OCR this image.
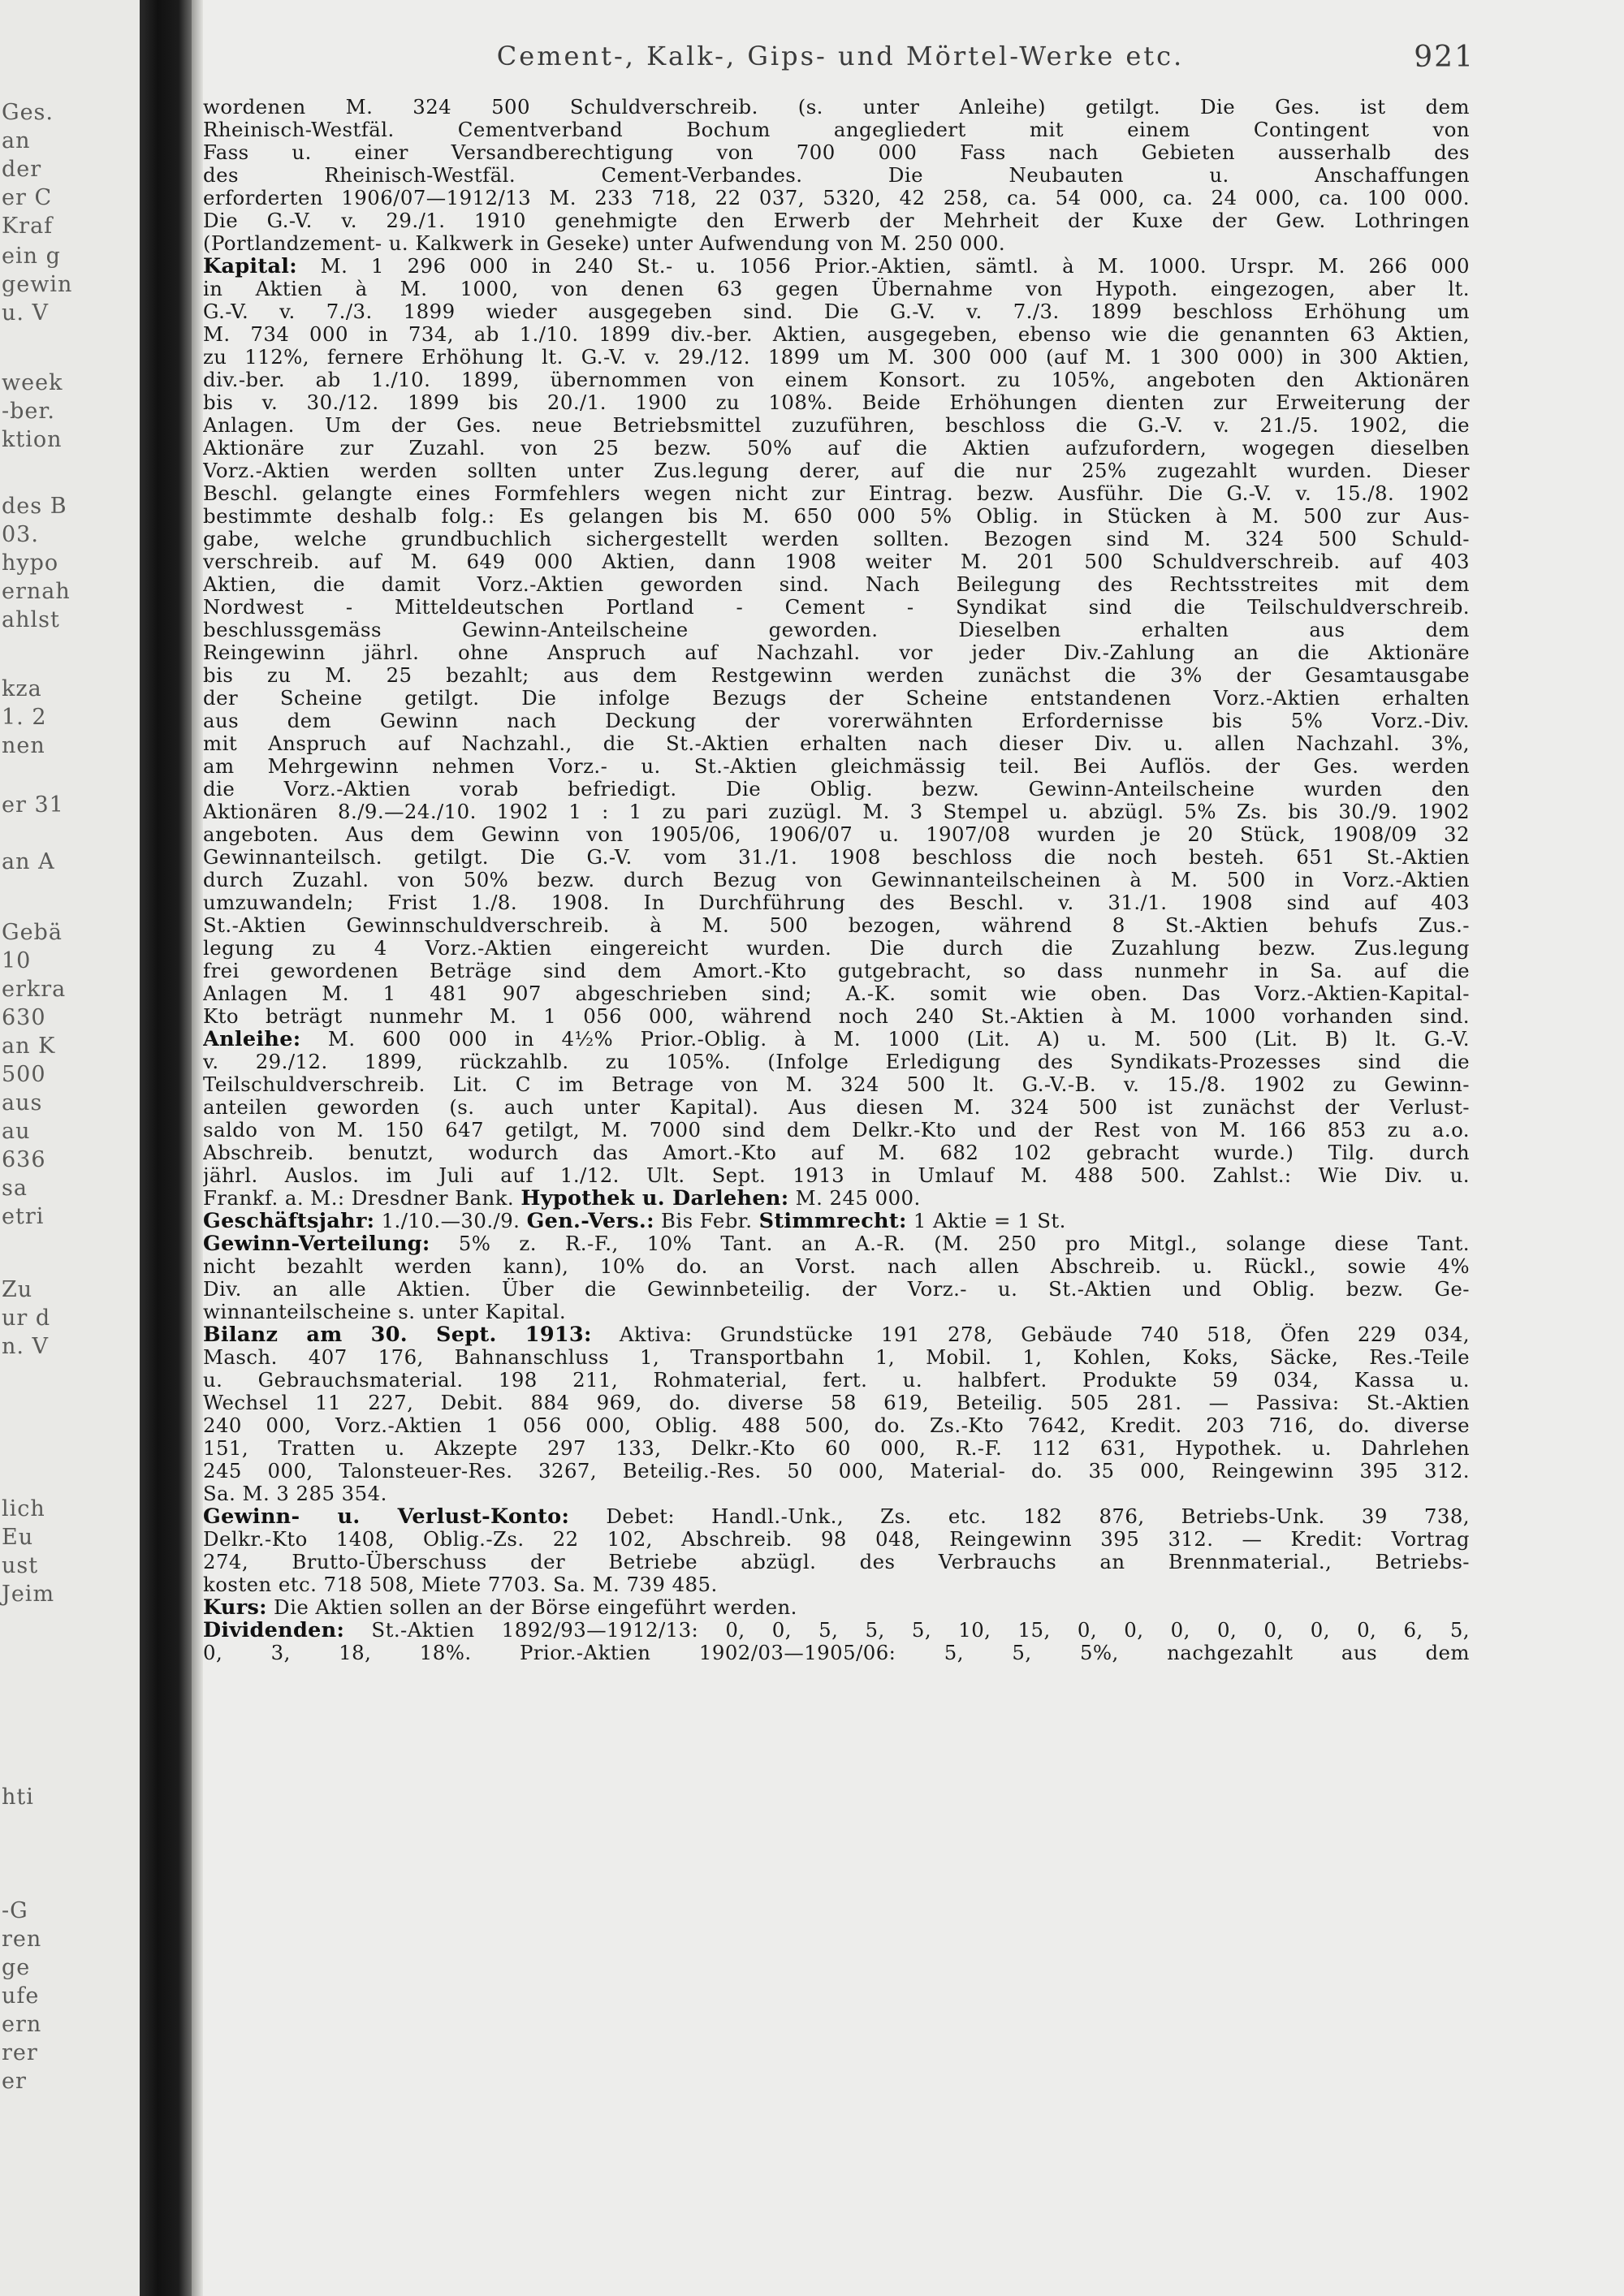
Ges.
an
der
er C
Kraf
ein g
gewin
u. V
week
-ber.
ktion
des B
03.
hypo
ernah
ahlst
kza
1. 2
nen
er 31
an A
Gebä
10
erkra
630
an K
500
aus
au
636
sa
etri
Zu
ur d
n. V
lich
Eu
ust
Jeim
hti
-G
ren
ge
ufe
ern
rer
er
Cement-, Kalk-, Gips- und Mörtel-Werke etc.	921
wordenen M. 324 500 Schuldverschreib. (s. unter Anleihe) getilgt. Die Ges. ist dem
Rheinisch-Westfäl. Cementverband Bochum angegliedert mit einem Contingent von
Fass u. einer Versandberechtigung von 700 000 Fass nach Gebieten ausserhalb des
des Rheinisch-Westfäl. Cement-Verbandes. Die Neubauten u. Anschaffungen
erforderten 1906/07—1912/13 M. 233 718, 22 037, 5320, 42 258, ca. 54 000, ca. 24 000, ca. 100 000.
Die G.-V. v. 29./1. 1910 genehmigte den Erwerb der Mehrheit der Kuxe der Gew. Lothringen
(Portlandzement- u. Kalkwerk in Geseke) unter Aufwendung von M. 250 000.
Kapital: M. 1 296 000 in 240 St.- u. 1056 Prior.-Aktien, sämtl. à M. 1000. Urspr. M. 266 000
in Aktien à M. 1000, von denen 63 gegen Übernahme von Hypoth. eingezogen, aber lt.
G.-V. v. 7./3. 1899 wieder ausgegeben sind. Die G.-V. v. 7./3. 1899 beschloss Erhöhung um
M. 734 000 in 734, ab 1./10. 1899 div.-ber. Aktien, ausgegeben, ebenso wie die genannten 63 Aktien,
zu 112%, fernere Erhöhung lt. G.-V. v. 29./12. 1899 um M. 300 000 (auf M. 1 300 000) in 300 Aktien,
div.-ber. ab 1./10. 1899, übernommen von einem Konsort. zu 105%, angeboten den Aktionären
bis v. 30./12. 1899 bis 20./1. 1900 zu 108%. Beide Erhöhungen dienten zur Erweiterung der
Anlagen. Um der Ges. neue Betriebsmittel zuzuführen, beschloss die G.-V. v. 21./5. 1902, die
Aktionäre zur Zuzahl. von 25 bezw. 50% auf die Aktien aufzufordern, wogegen dieselben
Vorz.-Aktien werden sollten unter Zus.legung derer, auf die nur 25% zugezahlt wurden. Dieser
Beschl. gelangte eines Formfehlers wegen nicht zur Eintrag. bezw. Ausführ. Die G.-V. v. 15./8. 1902
bestimmte deshalb folg.: Es gelangen bis M. 650 000 5% Oblig. in Stücken à M. 500 zur Aus-
gabe, welche grundbuchlich sichergestellt werden sollten. Bezogen sind M. 324 500 Schuld-
verschreib. auf M. 649 000 Aktien, dann 1908 weiter M. 201 500 Schuldverschreib. auf 403
Aktien, die damit Vorz.-Aktien geworden sind. Nach Beilegung des Rechtsstreites mit dem
Nordwest - Mitteldeutschen Portland - Cement - Syndikat sind die Teilschuldverschreib.
beschlussgemäss Gewinn-Anteilscheine geworden. Dieselben erhalten aus dem
Reingewinn jährl. ohne Anspruch auf Nachzahl. vor jeder Div.-Zahlung an die Aktionäre
bis zu M. 25 bezahlt; aus dem Restgewinn werden zunächst die 3% der Gesamtausgabe
der Scheine getilgt. Die infolge Bezugs der Scheine entstandenen Vorz.-Aktien erhalten
aus dem Gewinn nach Deckung der vorerwähnten Erfordernisse bis 5% Vorz.-Div.
mit Anspruch auf Nachzahl., die St.-Aktien erhalten nach dieser Div. u. allen Nachzahl. 3%,
am Mehrgewinn nehmen Vorz.- u. St.-Aktien gleichmässig teil. Bei Auflös. der Ges. werden
die Vorz.-Aktien vorab befriedigt. Die Oblig. bezw. Gewinn-Anteilscheine wurden den
Aktionären 8./9.—24./10. 1902 1 : 1 zu pari zuzügl. M. 3 Stempel u. abzügl. 5% Zs. bis 30./9. 1902
angeboten. Aus dem Gewinn von 1905/06, 1906/07 u. 1907/08 wurden je 20 Stück, 1908/09 32
Gewinnanteilsch. getilgt. Die G.-V. vom 31./1. 1908 beschloss die noch besteh. 651 St.-Aktien
durch Zuzahl. von 50% bezw. durch Bezug von Gewinnanteilscheinen à M. 500 in Vorz.-Aktien
umzuwandeln; Frist 1./8. 1908. In Durchführung des Beschl. v. 31./1. 1908 sind auf 403
St.-Aktien Gewinnschuldverschreib. à M. 500 bezogen, während 8 St.-Aktien behufs Zus.-
legung zu 4 Vorz.-Aktien eingereicht wurden. Die durch die Zuzahlung bezw. Zus.legung
frei gewordenen Beträge sind dem Amort.-Kto gutgebracht, so dass nunmehr in Sa. auf die
Anlagen M. 1 481 907 abgeschrieben sind; A.-K. somit wie oben. Das Vorz.-Aktien-Kapital-
Kto beträgt nunmehr M. 1 056 000, während noch 240 St.-Aktien à M. 1000 vorhanden sind.
Anleihe: M. 600 000 in 4½% Prior.-Oblig. à M. 1000 (Lit. A) u. M. 500 (Lit. B) lt. G.-V.
v. 29./12. 1899, rückzahlb. zu 105%. (Infolge Erledigung des Syndikats-Prozesses sind die
Teilschuldverschreib. Lit. C im Betrage von M. 324 500 lt. G.-V.-B. v. 15./8. 1902 zu Gewinn-
anteilen geworden (s. auch unter Kapital). Aus diesen M. 324 500 ist zunächst der Verlust-
saldo von M. 150 647 getilgt, M. 7000 sind dem Delkr.-Kto und der Rest von M. 166 853 zu a.o.
Abschreib. benutzt, wodurch das Amort.-Kto auf M. 682 102 gebracht wurde.) Tilg. durch
jährl. Auslos. im Juli auf 1./12. Ult. Sept. 1913 in Umlauf M. 488 500. Zahlst.: Wie Div. u.
Frankf. a. M.: Dresdner Bank. Hypothek u. Darlehen: M. 245 000.
Geschäftsjahr: 1./10.—30./9. Gen.-Vers.: Bis Febr. Stimmrecht: 1 Aktie = 1 St.
Gewinn-Verteilung: 5% z. R.-F., 10% Tant. an A.-R. (M. 250 pro Mitgl., solange diese Tant.
nicht bezahlt werden kann), 10% do. an Vorst. nach allen Abschreib. u. Rückl., sowie 4%
Div. an alle Aktien. Über die Gewinnbeteilig. der Vorz.- u. St.-Aktien und Oblig. bezw. Ge-
winnanteilscheine s. unter Kapital.
Bilanz am 30. Sept. 1913: Aktiva: Grundstücke 191 278, Gebäude 740 518, Öfen 229 034,
Masch. 407 176, Bahnanschluss 1, Transportbahn 1, Mobil. 1, Kohlen, Koks, Säcke, Res.-Teile
u. Gebrauchsmaterial. 198 211, Rohmaterial, fert. u. halbfert. Produkte 59 034, Kassa u.
Wechsel 11 227, Debit. 884 969, do. diverse 58 619, Beteilig. 505 281. — Passiva: St.-Aktien
240 000, Vorz.-Aktien 1 056 000, Oblig. 488 500, do. Zs.-Kto 7642, Kredit. 203 716, do. diverse
151, Tratten u. Akzepte 297 133, Delkr.-Kto 60 000, R.-F. 112 631, Hypothek. u. Dahrlehen
245 000, Talonsteuer-Res. 3267, Beteilig.-Res. 50 000, Material- do. 35 000, Reingewinn 395 312.
Sa. M. 3 285 354.
Gewinn- u. Verlust-Konto: Debet: Handl.-Unk., Zs. etc. 182 876, Betriebs-Unk. 39 738,
Delkr.-Kto 1408, Oblig.-Zs. 22 102, Abschreib. 98 048, Reingewinn 395 312. — Kredit: Vortrag
274, Brutto-Überschuss der Betriebe abzügl. des Verbrauchs an Brennmaterial., Betriebs-
kosten etc. 718 508, Miete 7703. Sa. M. 739 485.
Kurs: Die Aktien sollen an der Börse eingeführt werden.
Dividenden: St.-Aktien 1892/93—1912/13: 0, 0, 5, 5, 5, 10, 15, 0, 0, 0, 0, 0, 0, 0, 6, 5,
0, 3, 18, 18%. Prior.-Aktien 1902/03—1905/06: 5, 5, 5%, nachgezahlt aus dem
